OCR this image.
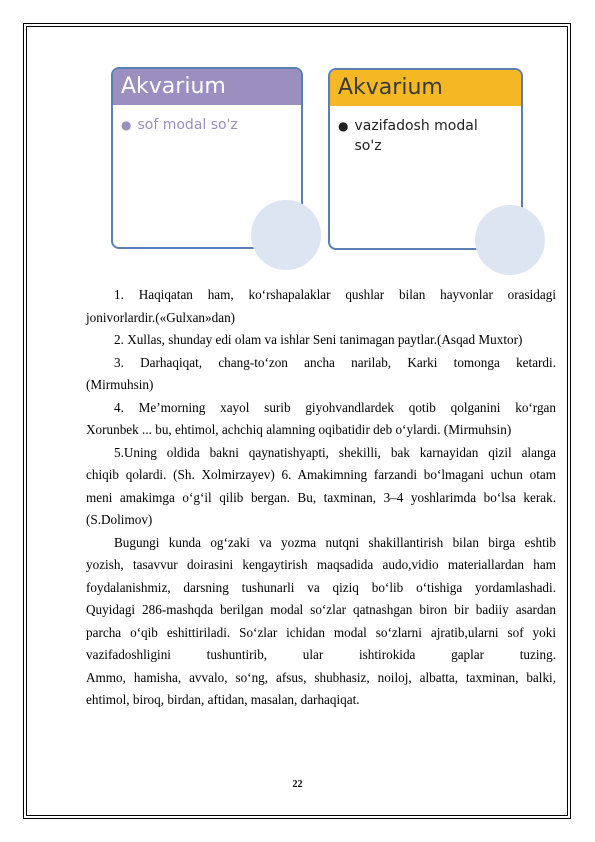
Akvarium
● sof modal so'z
Akvarium
● vazifadosh modal
so'z

1. Haqiqatan ham, ko‘rshapalaklar qushlar bilan hayvonlar orasidagi

jonivorlardir.(«Gulxan»dan)

2. Xullas, shunday edi olam va ishlar Seni tanimagan paytlar.(Asqad Muxtor)

3. Darhaqiqat, chang-to‘zon ancha narilab, Karki tomonga ketardi.

(Mirmuhsin)

4. Me’morning xayol surib giyohvandlardek qotib qolganini ko‘rgan

Xorunbek ... bu, ehtimol, achchiq alamning oqibatidir deb o‘ylardi. (Mirmuhsin)

5.Uning oldida bakni qaynatishyapti, shekilli, bak karnayidan qizil alanga

chiqib qolardi. (Sh. Xolmirzayev) 6. Amakimning farzandi bo‘lmagani uchun otam

meni amakimga o‘g‘il qilib bergan. Bu, taxminan, 3–4 yoshlarimda bo‘lsa kerak.

(S.Dolimov)

Bugungi kunda og‘zaki va yozma nutqni shakillantirish bilan birga eshtib

yozish, tasavvur doirasini kengaytirish maqsadida audo,vidio materiallardan ham

foydalanishmiz, darsning tushunarli va qiziq bo‘lib o‘tishiga yordamlashadi.

Quyidagi 286-mashqda berilgan modal so‘zlar qatnashgan biron bir badiiy asardan

parcha o‘qib eshittiriladi. So‘zlar ichidan modal so‘zlarni ajratib,ularni sof yoki

vazifadoshligini tushuntirib, ular ishtirokida gaplar tuzing.

Ammo, hamisha, avvalo, so‘ng, afsus, shubhasiz, noiloj, albatta, taxminan, balki,

ehtimol, biroq, birdan, aftidan, masalan, darhaqiqat.

22
